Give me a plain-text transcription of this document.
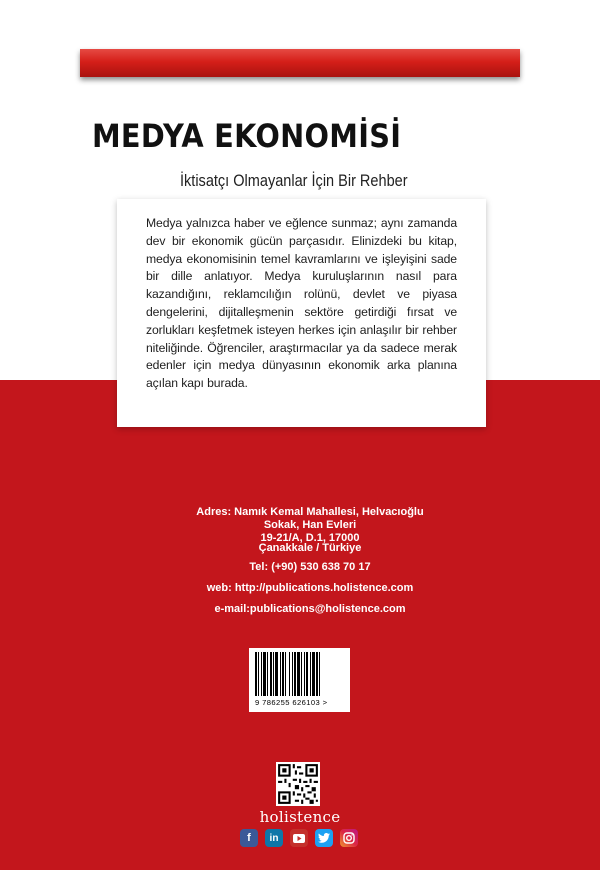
MEDYA EKONOMİSİ
İktisatçı Olmayanlar İçin Bir Rehber

Medya yalnızca haber ve eğlence sunmaz; aynı zamanda dev bir ekonomik gücün parçasıdır. Elinizdeki bu kitap, medya ekonomisinin temel kavramlarını ve işleyişini sade bir dille anlatıyor. Medya kuruluşlarının nasıl para kazandığını, reklamcılığın rolünü, devlet ve piyasa dengelerini, dijitalleşmenin sektöre getirdiği fırsat ve zorlukları keşfetmek isteyen herkes için anlaşılır bir rehber niteliğinde. Öğrenciler, araştırmacılar ya da sadece merak edenler için medya dünyasının ekonomik arka planına açılan kapı burada.

Adres: Namık Kemal Mahallesi, Helvacıoğlu Sokak, Han Evleri
19-21/A, D.1, 17000
Çanakkale / Türkiye
Tel: (+90) 530 638 70 17
web: http://publications.holistence.com
e-mail:publications@holistence.com
9 786255 626103 >
holistence
f	in
